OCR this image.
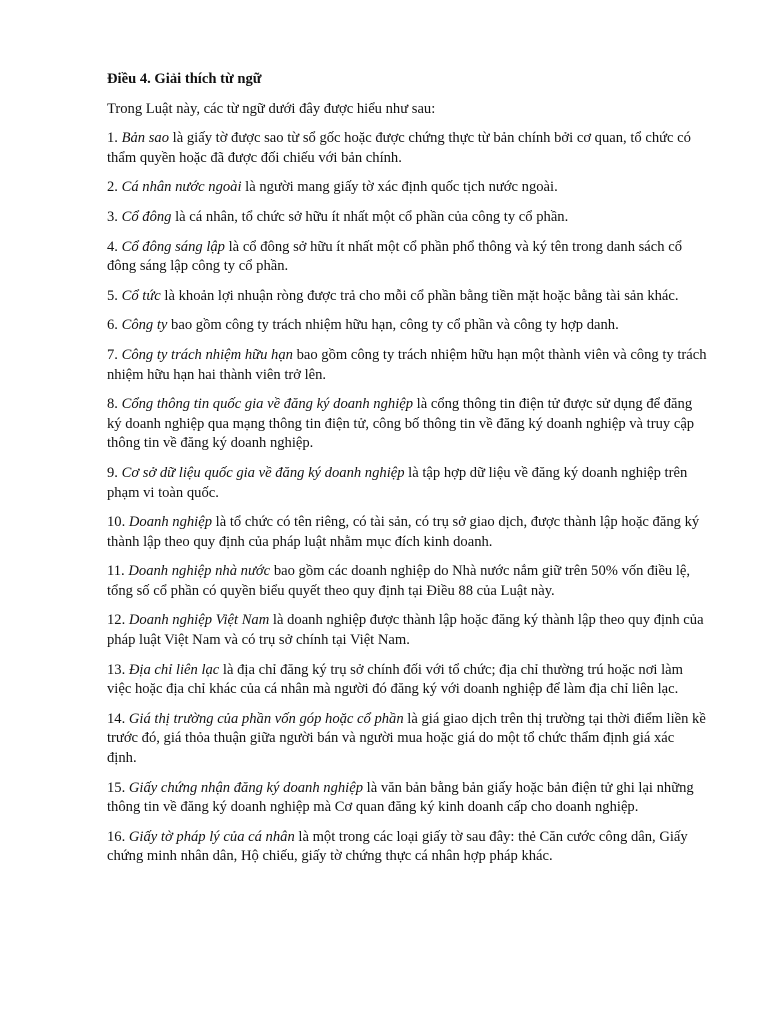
Điều 4. Giải thích từ ngữ

Trong Luật này, các từ ngữ dưới đây được hiểu như sau:

1. Bản sao là giấy tờ được sao từ sổ gốc hoặc được chứng thực từ bản chính bởi cơ quan, tổ chức có thẩm quyền hoặc đã được đối chiếu với bản chính.

2. Cá nhân nước ngoài là người mang giấy tờ xác định quốc tịch nước ngoài.

3. Cổ đông là cá nhân, tổ chức sở hữu ít nhất một cổ phần của công ty cổ phần.

4. Cổ đông sáng lập là cổ đông sở hữu ít nhất một cổ phần phổ thông và ký tên trong danh sách cổ đông sáng lập công ty cổ phần.

5. Cổ tức là khoản lợi nhuận ròng được trả cho mỗi cổ phần bằng tiền mặt hoặc bằng tài sản khác.

6. Công ty bao gồm công ty trách nhiệm hữu hạn, công ty cổ phần và công ty hợp danh.

7. Công ty trách nhiệm hữu hạn bao gồm công ty trách nhiệm hữu hạn một thành viên và công ty trách nhiệm hữu hạn hai thành viên trở lên.

8. Cổng thông tin quốc gia về đăng ký doanh nghiệp là cổng thông tin điện tử được sử dụng để đăng ký doanh nghiệp qua mạng thông tin điện tử, công bố thông tin về đăng ký doanh nghiệp và truy cập thông tin về đăng ký doanh nghiệp.

9. Cơ sở dữ liệu quốc gia về đăng ký doanh nghiệp là tập hợp dữ liệu về đăng ký doanh nghiệp trên phạm vi toàn quốc.

10. Doanh nghiệp là tổ chức có tên riêng, có tài sản, có trụ sở giao dịch, được thành lập hoặc đăng ký thành lập theo quy định của pháp luật nhằm mục đích kinh doanh.

11. Doanh nghiệp nhà nước bao gồm các doanh nghiệp do Nhà nước nắm giữ trên 50% vốn điều lệ, tổng số cổ phần có quyền biểu quyết theo quy định tại Điều 88 của Luật này.

12. Doanh nghiệp Việt Nam là doanh nghiệp được thành lập hoặc đăng ký thành lập theo quy định của pháp luật Việt Nam và có trụ sở chính tại Việt Nam.

13. Địa chỉ liên lạc là địa chỉ đăng ký trụ sở chính đối với tổ chức; địa chỉ thường trú hoặc nơi làm việc hoặc địa chỉ khác của cá nhân mà người đó đăng ký với doanh nghiệp để làm địa chỉ liên lạc.

14. Giá thị trường của phần vốn góp hoặc cổ phần là giá giao dịch trên thị trường tại thời điểm liền kề trước đó, giá thỏa thuận giữa người bán và người mua hoặc giá do một tổ chức thẩm định giá xác định.

15. Giấy chứng nhận đăng ký doanh nghiệp là văn bản bằng bản giấy hoặc bản điện tử ghi lại những thông tin về đăng ký doanh nghiệp mà Cơ quan đăng ký kinh doanh cấp cho doanh nghiệp.

16. Giấy tờ pháp lý của cá nhân là một trong các loại giấy tờ sau đây: thẻ Căn cước công dân, Giấy chứng minh nhân dân, Hộ chiếu, giấy tờ chứng thực cá nhân hợp pháp khác.
